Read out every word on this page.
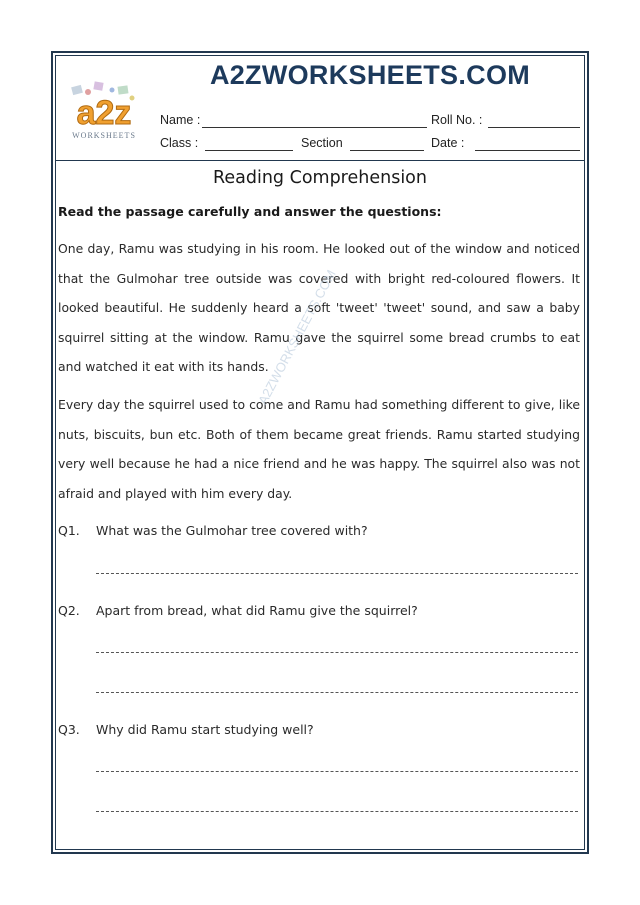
A2ZWORKSHEETS.COM
a2z
WORKSHEETS
Name :	Roll No. :
Class :	Section	Date :
Reading Comprehension
Read the passage carefully and answer the questions:
One day, Ramu was studying in his room. He looked out of the window and noticed that the Gulmohar tree outside was covered with bright red-coloured flowers. It looked beautiful. He suddenly heard a soft 'tweet' 'tweet' sound, and saw a baby squirrel sitting at the window. Ramu gave the squirrel some bread crumbs to eat and watched it eat with its hands.
Every day the squirrel used to come and Ramu had something different to give, like nuts, biscuits, bun etc. Both of them became great friends. Ramu started studying very well because he had a nice friend and he was happy. The squirrel also was not afraid and played with him every day.
A2ZWORKSHEETS.COM
Q1. What was the Gulmohar tree covered with?
Q2. Apart from bread, what did Ramu give the squirrel?
Q3. Why did Ramu start studying well?
